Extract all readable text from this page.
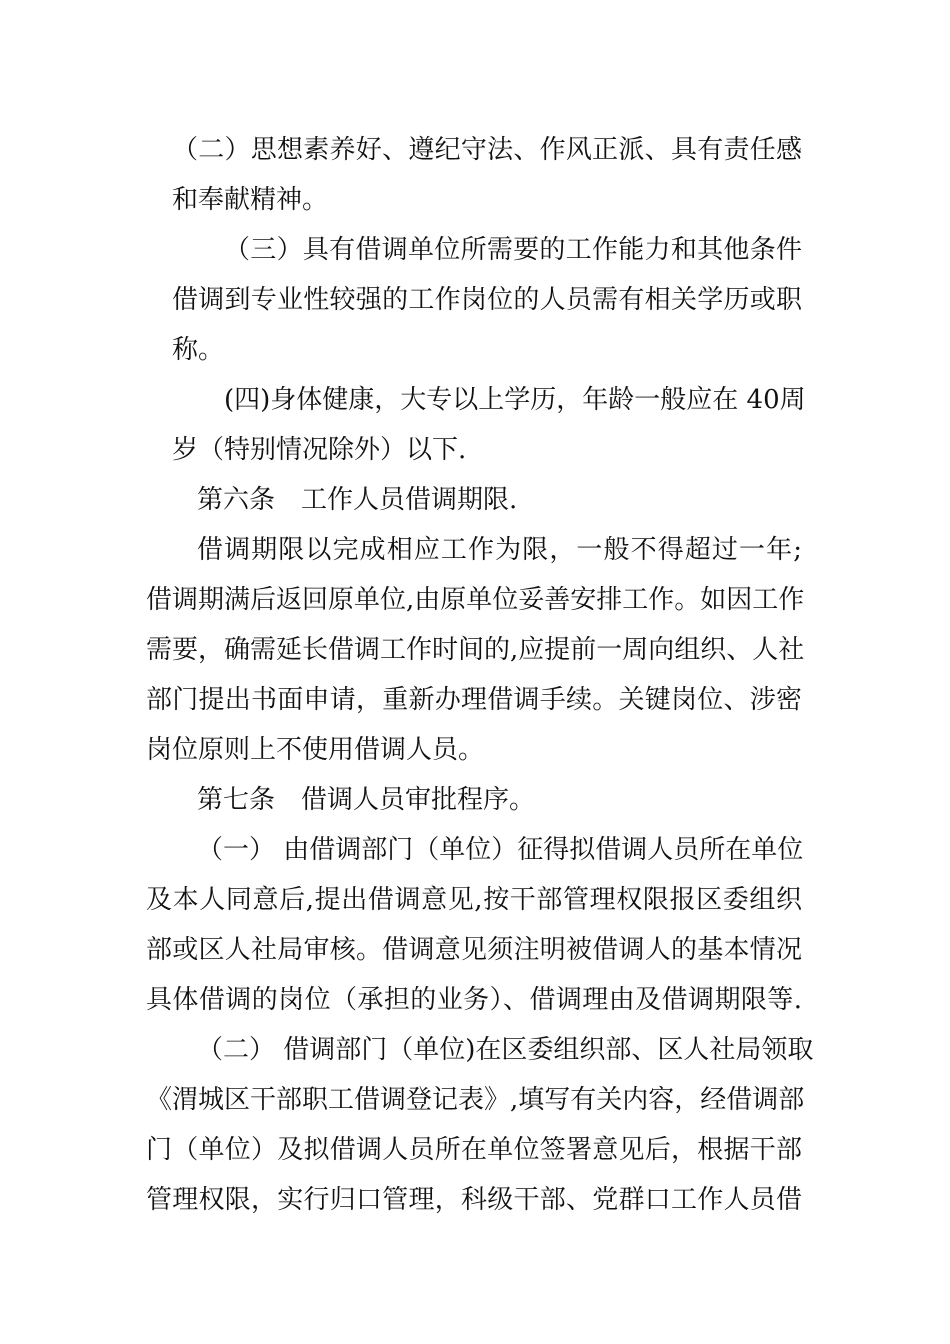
（二）思想素养好、遵纪守法、作风正派、具有责任感

和奉献精神。

（三）具有借调单位所需要的工作能力和其他条件

借调到专业性较强的工作岗位的人员需有相关学历或职

称。

(四)身体健康，大专以上学历，年龄一般应在 40周

岁（特别情况除外）以下.

第六条　工作人员借调期限.

借调期限以完成相应工作为限，一般不得超过一年;

借调期满后返回原单位,由原单位妥善安排工作。如因工作

需要，确需延长借调工作时间的,应提前一周向组织、人社

部门提出书面申请，重新办理借调手续。关键岗位、涉密

岗位原则上不使用借调人员。

第七条　借调人员审批程序。

（一） 由借调部门（单位）征得拟借调人员所在单位

及本人同意后,提出借调意见,按干部管理权限报区委组织

部或区人社局审核。借调意见须注明被借调人的基本情况

具体借调的岗位（承担的业务）、借调理由及借调期限等.

（二） 借调部门（单位)在区委组织部、区人社局领取

《渭城区干部职工借调登记表》,填写有关内容，经借调部

门（单位）及拟借调人员所在单位签署意见后，根据干部

管理权限，实行归口管理，科级干部、党群口工作人员借
